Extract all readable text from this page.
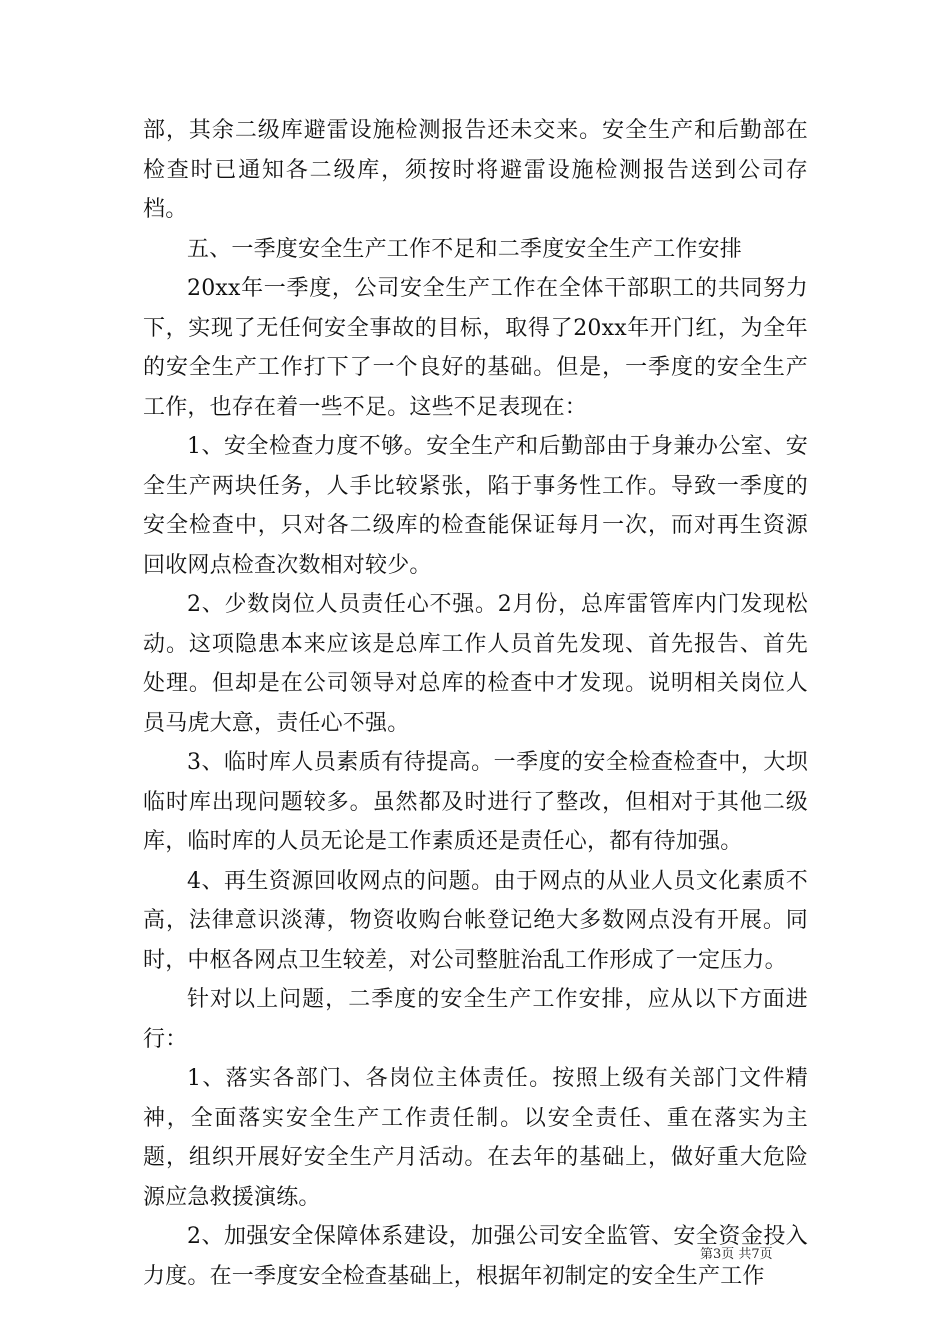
部，其余二级库避雷设施检测报告还未交来。安全生产和后勤部在检查时已通知各二级库，须按时将避雷设施检测报告送到公司存档。

五、一季度安全生产工作不足和二季度安全生产工作安排

20xx年一季度，公司安全生产工作在全体干部职工的共同努力下，实现了无任何安全事故的目标，取得了20xx年开门红，为全年的安全生产工作打下了一个良好的基础。但是，一季度的安全生产工作，也存在着一些不足。这些不足表现在：

1、安全检查力度不够。安全生产和后勤部由于身兼办公室、安全生产两块任务，人手比较紧张，陷于事务性工作。导致一季度的安全检查中，只对各二级库的检查能保证每月一次，而对再生资源回收网点检查次数相对较少。

2、少数岗位人员责任心不强。2月份，总库雷管库内门发现松动。这项隐患本来应该是总库工作人员首先发现、首先报告、首先处理。但却是在公司领导对总库的检查中才发现。说明相关岗位人员马虎大意，责任心不强。

3、临时库人员素质有待提高。一季度的安全检查检查中，大坝临时库出现问题较多。虽然都及时进行了整改，但相对于其他二级库，临时库的人员无论是工作素质还是责任心，都有待加强。

4、再生资源回收网点的问题。由于网点的从业人员文化素质不高，法律意识淡薄，物资收购台帐登记绝大多数网点没有开展。同时，中枢各网点卫生较差，对公司整脏治乱工作形成了一定压力。

针对以上问题，二季度的安全生产工作安排，应从以下方面进行：

1、落实各部门、各岗位主体责任。按照上级有关部门文件精神，全面落实安全生产工作责任制。以安全责任、重在落实为主题，组织开展好安全生产月活动。在去年的基础上，做好重大危险源应急救援演练。

2、加强安全保障体系建设，加强公司安全监管、安全资金投入力度。在一季度安全检查基础上，根据年初制定的安全生产工作

第3页 共7页
